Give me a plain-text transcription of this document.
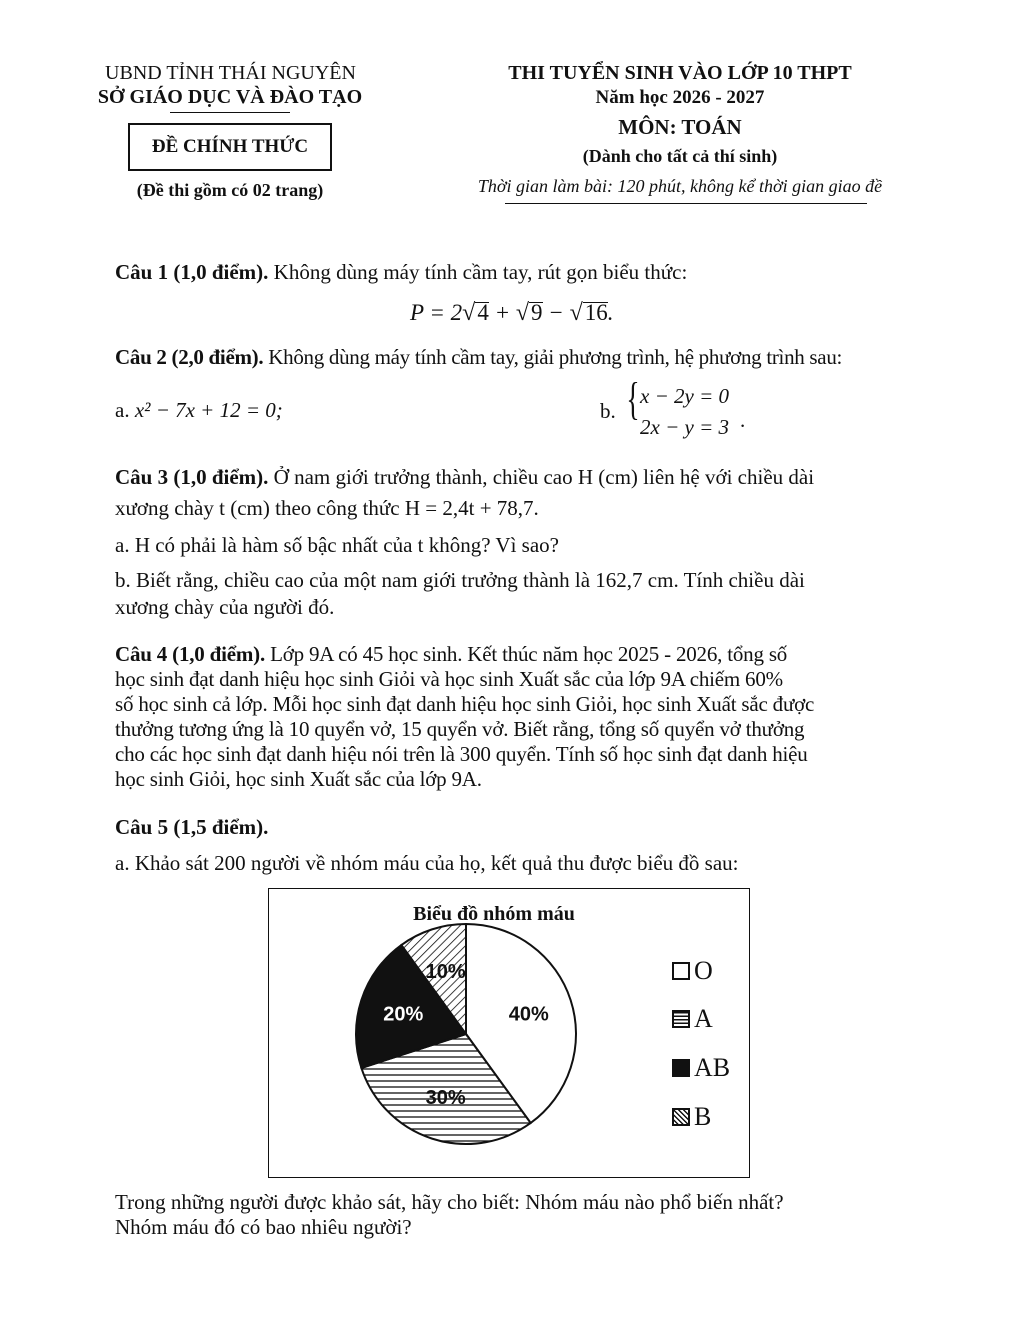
UBND TỈNH THÁI NGUYÊN
SỞ GIÁO DỤC VÀ ĐÀO TẠO
ĐỀ CHÍNH THỨC
(Đề thi gồm có 02 trang)
THI TUYỂN SINH VÀO LỚP 10 THPT
Năm học 2026 - 2027
MÔN: TOÁN
(Dành cho tất cả thí sinh)
Thời gian làm bài: 120 phút, không kể thời gian giao đề
Câu 1 (1,0 điểm). Không dùng máy tính cầm tay, rút gọn biểu thức:
P = 2√4 + √9 − √16.
Câu 2 (2,0 điểm). Không dùng máy tính cầm tay, giải phương trình, hệ phương trình sau:
a. x² − 7x + 12 = 0;	b. { x − 2y = 0
2x − y = 3 .
Câu 3 (1,0 điểm). Ở nam giới trưởng thành, chiều cao H (cm) liên hệ với chiều dài
xương chày t (cm) theo công thức H = 2,4t + 78,7.
a. H có phải là hàm số bậc nhất của t không? Vì sao?
b. Biết rằng, chiều cao của một nam giới trưởng thành là 162,7 cm. Tính chiều dài
xương chày của người đó.
Câu 4 (1,0 điểm). Lớp 9A có 45 học sinh. Kết thúc năm học 2025 - 2026, tổng số
học sinh đạt danh hiệu học sinh Giỏi và học sinh Xuất sắc của lớp 9A chiếm 60%
số học sinh cả lớp. Mỗi học sinh đạt danh hiệu học sinh Giỏi, học sinh Xuất sắc được
thưởng tương ứng là 10 quyển vở, 15 quyển vở. Biết rằng, tổng số quyển vở thưởng
cho các học sinh đạt danh hiệu nói trên là 300 quyển. Tính số học sinh đạt danh hiệu
học sinh Giỏi, học sinh Xuất sắc của lớp 9A.
Câu 5 (1,5 điểm).
a. Khảo sát 200 người về nhóm máu của họ, kết quả thu được biểu đồ sau:
Biểu đồ nhóm máu
40%
30%
20%
10%	O
A
AB
B
Trong những người được khảo sát, hãy cho biết: Nhóm máu nào phổ biến nhất?
Nhóm máu đó có bao nhiêu người?
